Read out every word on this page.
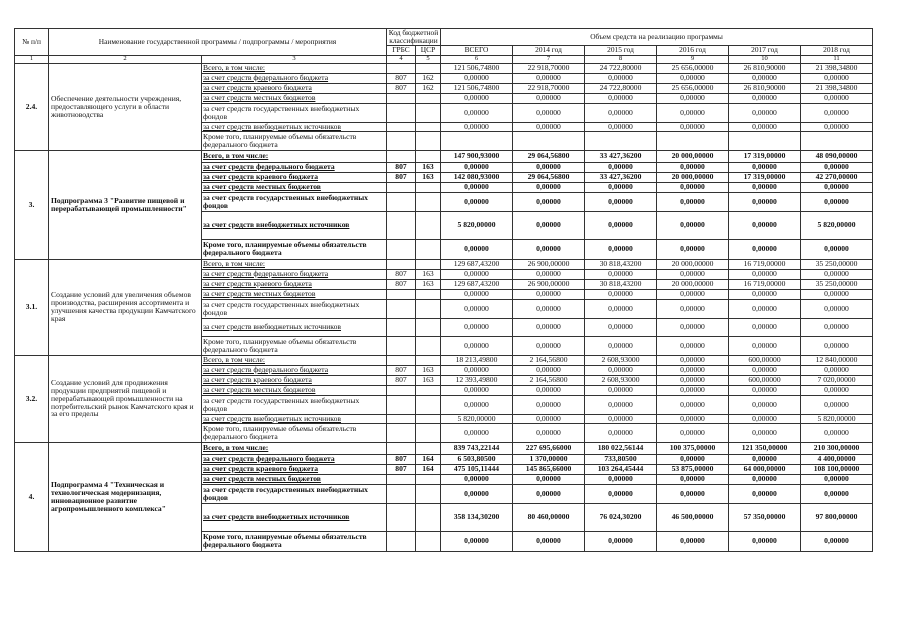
№ п/п	Наименование государственной программы / подпрограммы / мероприятия		Код бюджетной классификации		Объем средств на реализацию программы					
			ГРБС	ЦСР	ВСЕГО	2014 год	2015 год	2016 год	2017 год	2018 год
1	2	3	4	5	6	7	8	9	10	11
2.4.	Обеспечение деятельности учреждения, предоставляющего услуги в области животноводства	Всего, в том числе:			121 506,74800	22 918,70000	24 722,80000	25 656,00000	26 810,90000	21 398,34800
		за счет средств федерального бюджета	807	162	0,00000	0,00000	0,00000	0,00000	0,00000	0,00000
		за счет средств краевого бюджета	807	162	121 506,74800	22 918,70000	24 722,80000	25 656,00000	26 810,90000	21 398,34800
		за счет средств местных бюджетов			0,00000	0,00000	0,00000	0,00000	0,00000	0,00000
		за счет средств государственных внебюджетных фондов			0,00000	0,00000	0,00000	0,00000	0,00000	0,00000
		за счет средств внебюджетных источников			0,00000	0,00000	0,00000	0,00000	0,00000	0,00000
		Кроме того, планируемые объемы обязательств федерального бюджета								
3.	Подпрограмма 3 "Развитие пищевой и перерабатывающей промышленности"	Всего, в том числе:			147 900,93000	29 064,56800	33 427,36200	20 000,00000	17 319,00000	48 090,00000
		за счет средств федерального бюджета	807	163	0,00000	0,00000	0,00000	0,00000	0,00000	0,00000
		за счет средств краевого бюджета	807	163	142 080,93000	29 064,56800	33 427,36200	20 000,00000	17 319,00000	42 270,00000
		за счет средств местных бюджетов			0,00000	0,00000	0,00000	0,00000	0,00000	0,00000
		за счет средств государственных внебюджетных фондов			0,00000	0,00000	0,00000	0,00000	0,00000	0,00000
		за счет средств внебюджетных источников			5 820,00000	0,00000	0,00000	0,00000	0,00000	5 820,00000
		Кроме того, планируемые объемы обязательств федерального бюджета			0,00000	0,00000	0,00000	0,00000	0,00000	0,00000
3.1.	Создание условий для увеличения объемов производства, расширения ассортимента и улучшения качества продукции Камчатского края	Всего, в том числе:			129 687,43200	26 900,00000	30 818,43200	20 000,00000	16 719,00000	35 250,00000
		за счет средств федерального бюджета	807	163	0,00000	0,00000	0,00000	0,00000	0,00000	0,00000
		за счет средств краевого бюджета	807	163	129 687,43200	26 900,00000	30 818,43200	20 000,00000	16 719,00000	35 250,00000
		за счет средств местных бюджетов			0,00000	0,00000	0,00000	0,00000	0,00000	0,00000
		за счет средств государственных внебюджетных фондов			0,00000	0,00000	0,00000	0,00000	0,00000	0,00000
		за счет средств внебюджетных источников			0,00000	0,00000	0,00000	0,00000	0,00000	0,00000
		Кроме того, планируемые объемы обязательств федерального бюджета			0,00000	0,00000	0,00000	0,00000	0,00000	0,00000
3.2.	Создание условий для продвижения продукции предприятий пищевой и перерабатывающей промышленности на потребительский рынок Камчатского края и за его пределы	Всего, в том числе:			18 213,49800	2 164,56800	2 608,93000	0,00000	600,00000	12 840,00000
		за счет средств федерального бюджета	807	163	0,00000	0,00000	0,00000	0,00000	0,00000	0,00000
		за счет средств краевого бюджета	807	163	12 393,49800	2 164,56800	2 608,93000	0,00000	600,00000	7 020,00000
		за счет средств местных бюджетов			0,00000	0,00000	0,00000	0,00000	0,00000	0,00000
		за счет средств государственных внебюджетных фондов			0,00000	0,00000	0,00000	0,00000	0,00000	0,00000
		за счет средств внебюджетных источников			5 820,00000	0,00000	0,00000	0,00000	0,00000	5 820,00000
		Кроме того, планируемые объемы обязательств федерального бюджета			0,00000	0,00000	0,00000	0,00000	0,00000	0,00000
4.	Подпрограмма 4 "Техническая и технологическая модернизация, инновационное развитие агропромышленного комплекса"	Всего, в том числе:			839 743,22144	227 695,66000	180 022,56144	100 375,00000	121 350,00000	210 300,00000
		за счет средств федерального бюджета	807	164	6 503,80500	1 370,00000	733,80500	0,00000	0,00000	4 400,00000
		за счет средств краевого бюджета	807	164	475 105,11444	145 865,66000	103 264,45444	53 875,00000	64 000,00000	108 100,00000
		за счет средств местных бюджетов			0,00000	0,00000	0,00000	0,00000	0,00000	0,00000
		за счет средств государственных внебюджетных фондов			0,00000	0,00000	0,00000	0,00000	0,00000	0,00000
		за счет средств внебюджетных источников			358 134,30200	80 460,00000	76 024,30200	46 500,00000	57 350,00000	97 800,00000
		Кроме того, планируемые объемы обязательств федерального бюджета			0,00000	0,00000	0,00000	0,00000	0,00000	0,00000
